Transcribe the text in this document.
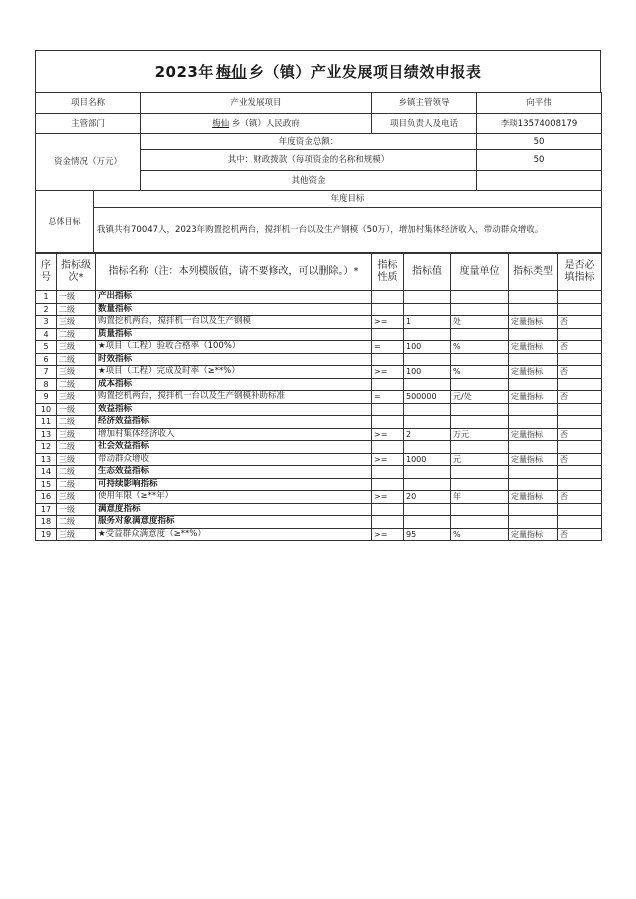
2023年 梅仙 乡（镇）产业发展项目绩效申报表
项目名称		产业发展项目	乡镇主管领导	向平伟
主管部门		梅仙 乡（镇）人民政府	项目负责人及电话	李琰13574008179
资金情况（万元）		年度资金总额：		50
		其中：财政拨款（每项资金的名称和规模）		50
		其他资金		
总体目标	年度目标			
	我镇共有70047人，2023年购置挖机两台，搅拌机一台以及生产钢模（50万），增加村集体经济收入，带动群众增收。			
序号	指标级次*	指标名称（注：本列模版值，请不要修改，可以删除。）*	指标性质	指标值	度量单位	指标类型	是否必填指标
1	一级	产出指标					
2	二级	数量指标					
3	三级	购置挖机两台，搅拌机一台以及生产钢模	>=	1	处	定量指标	否
4	二级	质量指标					
5	三级	★项目（工程）验收合格率（100%）	=	100	%	定量指标	否
6	二级	时效指标					
7	三级	★项目（工程）完成及时率（≥**%）	>=	100	%	定量指标	否
8	二级	成本指标					
9	三级	购置挖机两台，搅拌机一台以及生产钢模补助标准	=	500000	元/处	定量指标	否
10	一级	效益指标					
11	二级	经济效益指标					
13	三级	增加村集体经济收入	>=	2	万元	定量指标	否
12	二级	社会效益指标					
13	三级	带动群众增收	>=	1000	元	定量指标	否
14	二级	生态效益指标					
15	二级	可持续影响指标					
16	三级	使用年限（≥**年）	>=	20	年	定量指标	否
17	一级	满意度指标					
18	二级	服务对象满意度指标					
19	三级	★受益群众满意度（≥**%）	>=	95	%	定量指标	否
